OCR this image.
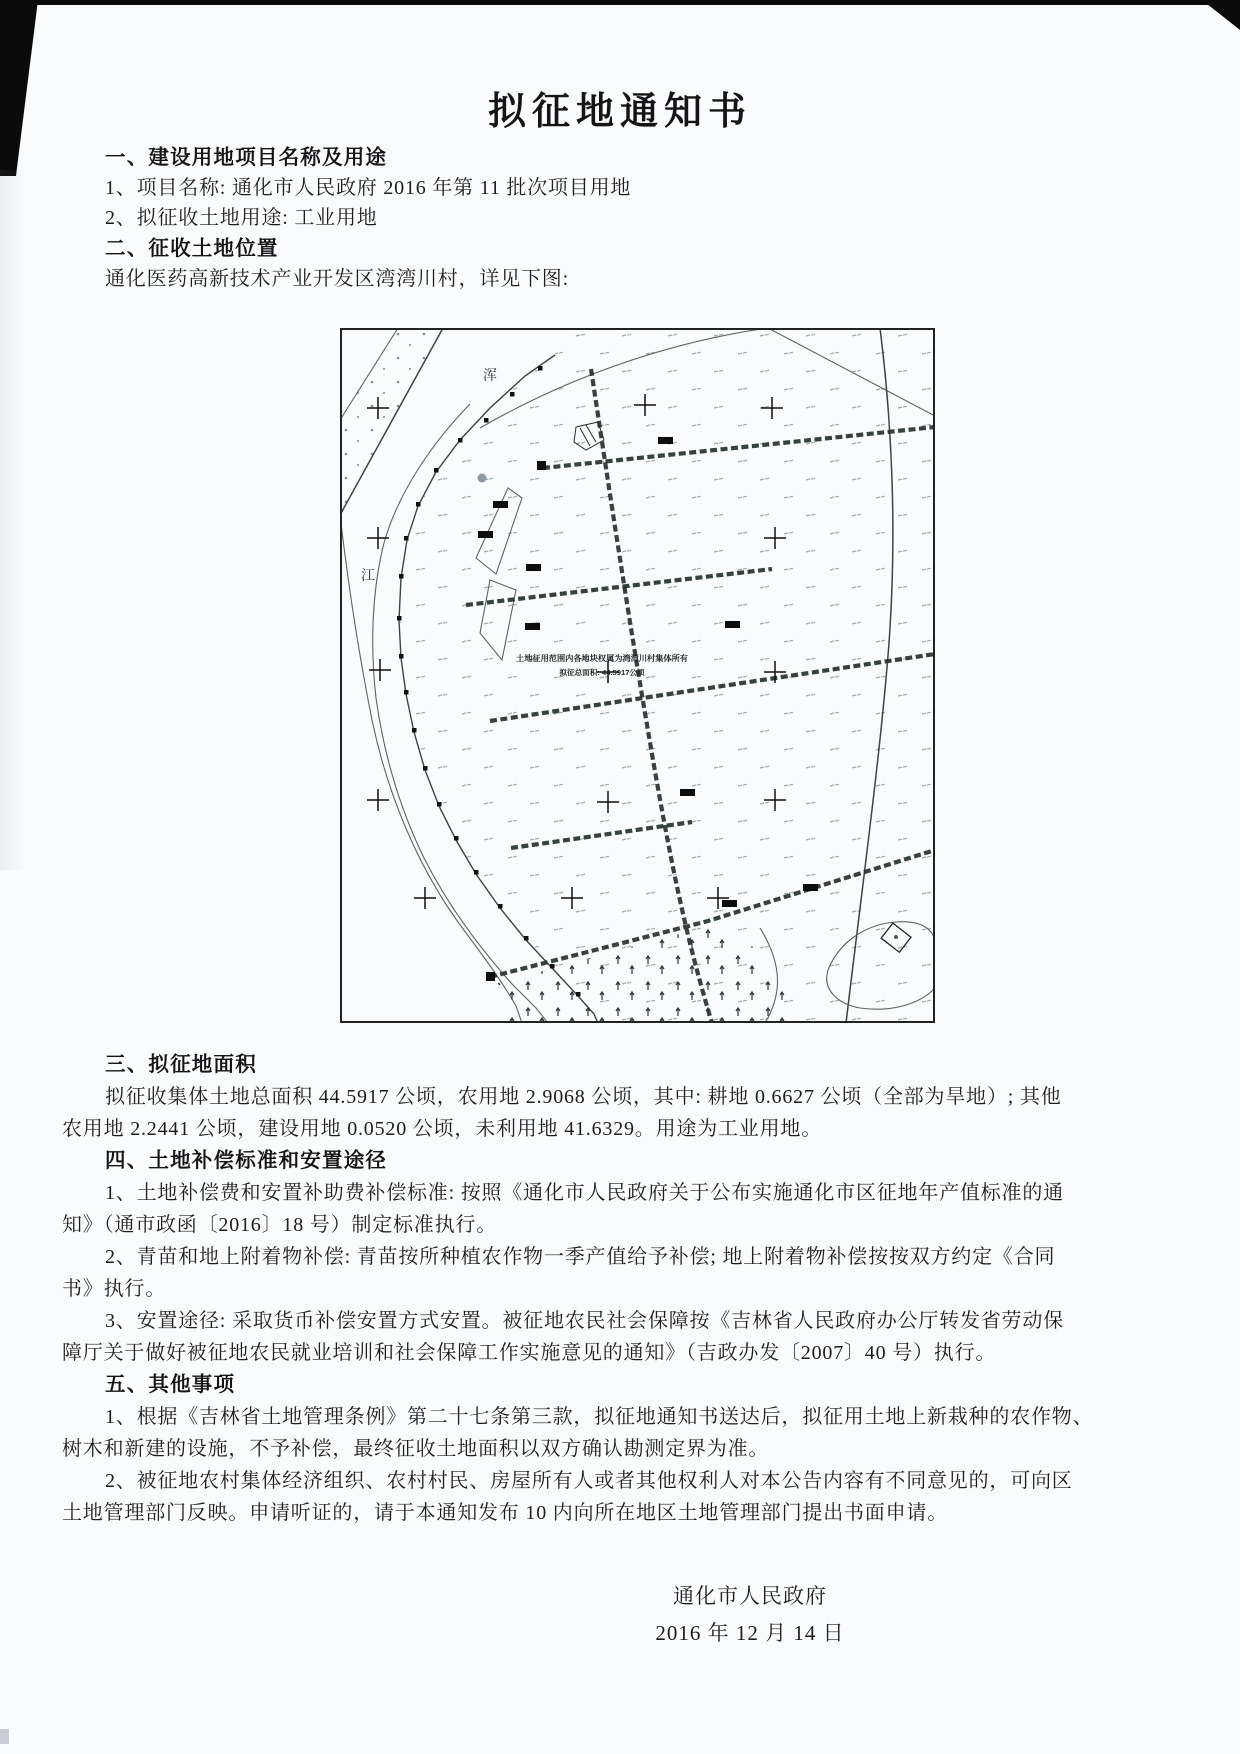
拟征地通知书
一、建设用地项目名称及用途
1、项目名称: 通化市人民政府 2016 年第 11 批次项目用地
2、拟征收土地用途: 工业用地
二、征收土地位置
通化医药高新技术产业开发区湾湾川村，详见下图:
土地征用范围内各地块权属为湾湾川村集体所有
拟征总面积: 44.5917公顷
浑
江
三、拟征地面积
拟征收集体土地总面积 44.5917 公顷，农用地 2.9068 公顷，其中: 耕地 0.6627 公顷（全部为旱地）; 其他
农用地 2.2441 公顷，建设用地 0.0520 公顷，未利用地 41.6329。用途为工业用地。
四、土地补偿标准和安置途径
1、土地补偿费和安置补助费补偿标准: 按照《通化市人民政府关于公布实施通化市区征地年产值标准的通
知》（通市政函〔2016〕18 号）制定标准执行。
2、青苗和地上附着物补偿: 青苗按所种植农作物一季产值给予补偿; 地上附着物补偿按按双方约定《合同
书》执行。
3、安置途径: 采取货币补偿安置方式安置。被征地农民社会保障按《吉林省人民政府办公厅转发省劳动保
障厅关于做好被征地农民就业培训和社会保障工作实施意见的通知》（吉政办发〔2007〕40 号）执行。
五、其他事项
1、根据《吉林省土地管理条例》第二十七条第三款，拟征地通知书送达后，拟征用土地上新栽种的农作物、
树木和新建的设施，不予补偿，最终征收土地面积以双方确认勘测定界为准。
2、被征地农村集体经济组织、农村村民、房屋所有人或者其他权利人对本公告内容有不同意见的，可向区
土地管理部门反映。申请听证的，请于本通知发布 10 内向所在地区土地管理部门提出书面申请。
通化市人民政府
2016 年 12 月 14 日
